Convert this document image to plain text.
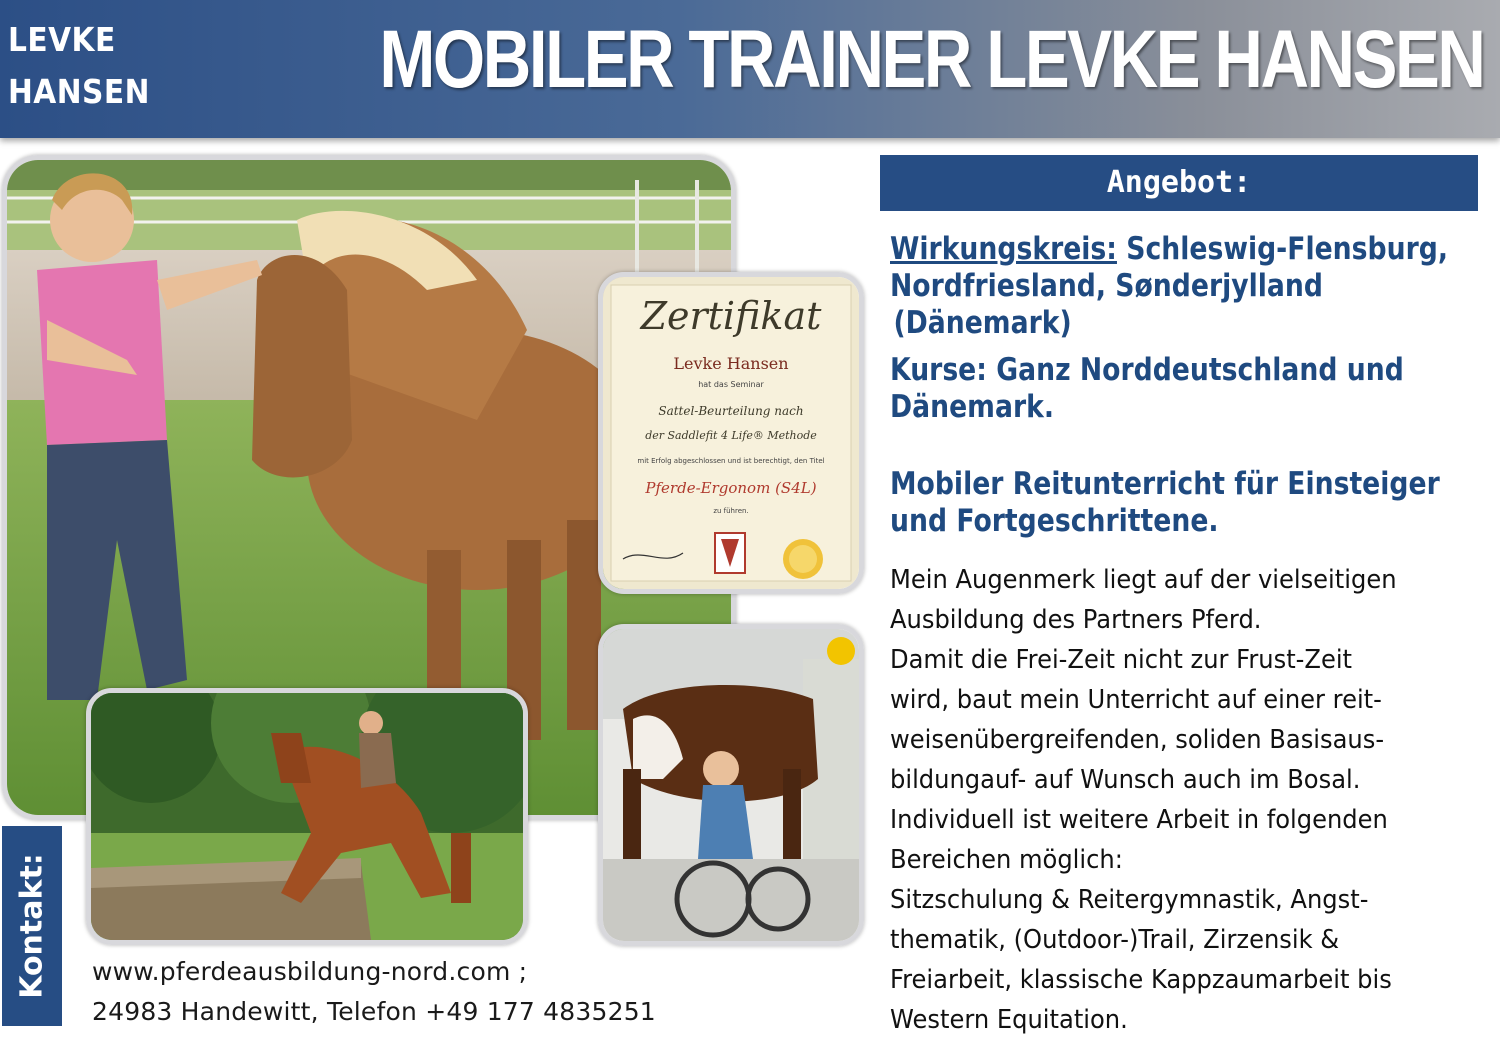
LEVKE
HANSEN	MOBILER TRAINER LEVKE HANSEN
Zertifikat
Levke Hansen
hat das Seminar
Sattel-Beurteilung nach
der Saddlefit 4 Life® Methode
mit Erfolg abgeschlossen und ist berechtigt, den Titel
Pferde-Ergonom (S4L)
zu führen.
Kontakt: www.pferdeausbildung-nord.com ;
24983 Handewitt, Telefon +49 177 4835251
Angebot:
Wirkungskreis: Schleswig-Flensburg,
Nordfriesland, Sønderjylland
(Dänemark)
Kurse: Ganz Norddeutschland und
Dänemark.
Mobiler Reitunterricht für Einsteiger
und Fortgeschrittene.

Mein Augenmerk liegt auf der vielseitigen

Ausbildung des Partners Pferd.

Damit die Frei-Zeit nicht zur Frust-Zeit

wird, baut mein Unterricht auf einer reit-

weisenübergreifenden, soliden Basisaus-

bildungauf- auf Wunsch auch im Bosal.

Individuell ist weitere Arbeit in folgenden

Bereichen möglich:

Sitzschulung & Reitergymnastik, Angst-

thematik, (Outdoor-)Trail, Zirzensik &

Freiarbeit, klassische Kappzaumarbeit bis

Western Equitation.
